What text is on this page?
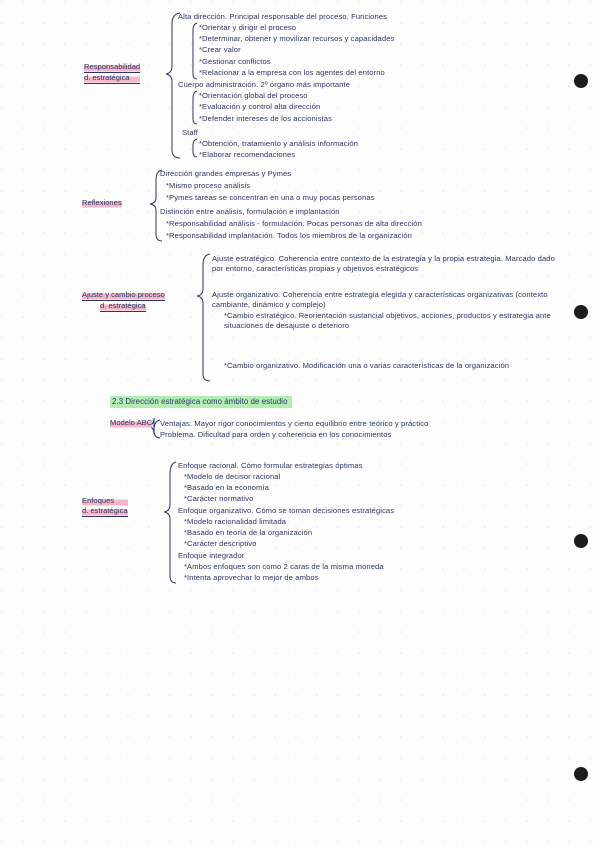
Responsabilidad
d. estratégica
Alta dirección. Principal responsable del proceso. Funciones
*Orientar y dirigir el proceso
*Determinar, obtener y movilizar recursos y capacidades
*Crear valor
*Gestionar conflictos
*Relacionar a la empresa con los agentes del entorno
Cuerpo administración. 2º órgano más importante
*Orientación global del proceso
*Evaluación y control alta dirección
*Defender intereses de los accionistas
Staff
*Obtención, tratamiento y análisis información
*Elaborar recomendaciones
Reflexiones
Dirección grandes empresas y Pymes
*Mismo proceso análisis
*Pymes tareas se concentran en una o muy pocas personas
Distinción entre análisis, formulación e implantación
*Responsabilidad análisis - formulación. Pocas personas de alta dirección
*Responsabilidad implantación. Todos los miembros de la organización
Ajuste y cambio proceso d. estratégica
Ajuste estratégico. Coherencia entre contexto de la estrategia y la propia estrategia. Marcado dado por entorno, características propias y objetivos estratégicos
Ajuste organizativo. Coherencia entre estrategia elegida y características organizativas (contexto cambiante, dinámico y complejo)
*Cambio estratégico. Reorientación sustancial objetivos, acciones, productos y estrategia ante situaciones de desajuste o deterioro
*Cambio organizativo. Modificación una o varias características de la organización
2.3 Dirección estratégica como ámbito de estudio
Modelo ABC Ventajas. Mayor rigor conocimientos y cierto equilibrio entre teórico y práctico
Problema. Dificultad para orden y coherencia en los conocimientos
Enfoques
d. estratégica
Enfoque racional. Cómo formular estrategias óptimas
*Modelo de decisor racional
*Basado en la economía
*Carácter normativo
Enfoque organizativo. Cómo se toman decisiones estratégicas
*Modelo racionalidad limitada
*Basado en teoría de la organización
*Carácter descriptivo
Enfoque integrador
*Ambos enfoques son como 2 caras de la misma moneda
*Intenta aprovechar lo mejor de ambos
